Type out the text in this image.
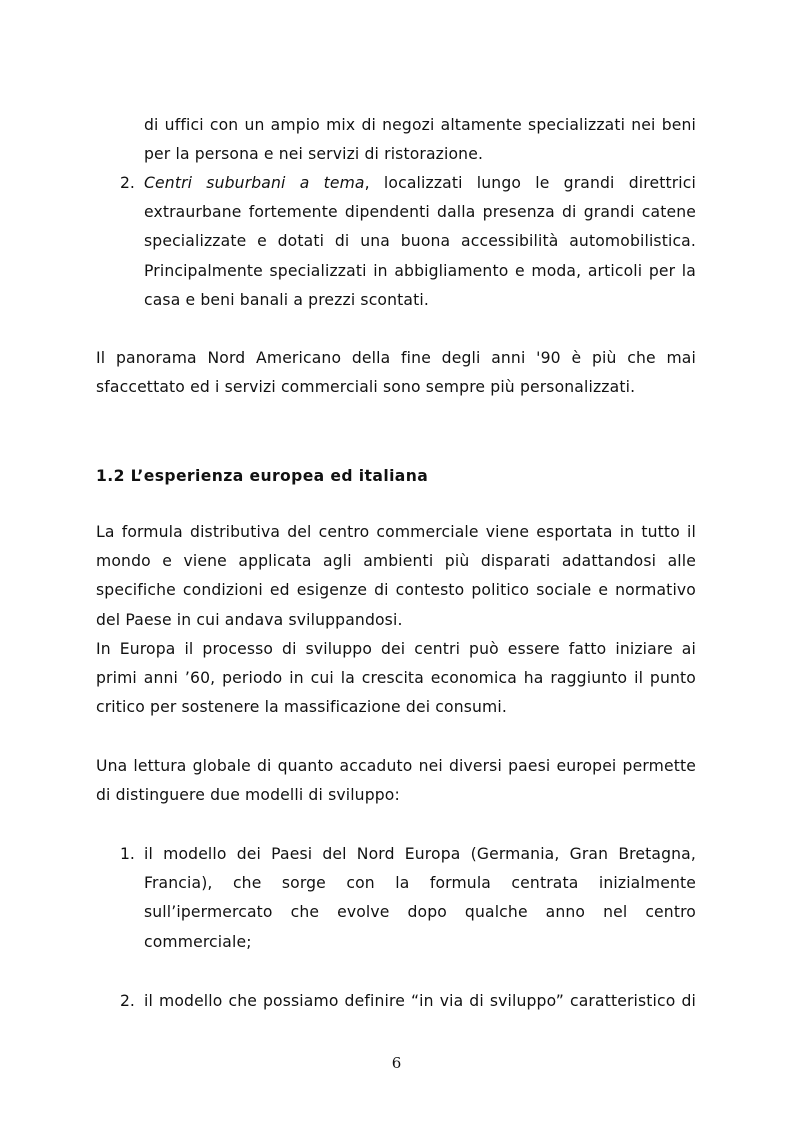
di uffici con un ampio mix di negozi altamente specializzati nei beni
per la persona e nei servizi di ristorazione.
2. Centri suburbani a tema, localizzati lungo le grandi direttrici
extraurbane fortemente dipendenti dalla presenza di grandi catene
specializzate e dotati di una buona accessibilità automobilistica.
Principalmente specializzati in abbigliamento e moda, articoli per la
casa e beni banali a prezzi scontati.
Il panorama Nord Americano della fine degli anni '90 è più che mai
sfaccettato ed i servizi commerciali sono sempre più personalizzati.
1.2 L’esperienza europea ed italiana
La formula distributiva del centro commerciale viene esportata in tutto il
mondo e viene applicata agli ambienti più disparati adattandosi alle
specifiche condizioni ed esigenze di contesto politico sociale e normativo
del Paese in cui andava sviluppandosi.
In Europa il processo di sviluppo dei centri può essere fatto iniziare ai
primi anni ’60, periodo in cui la crescita economica ha raggiunto il punto
critico per sostenere la massificazione dei consumi.
Una lettura globale di quanto accaduto nei diversi paesi europei permette
di distinguere due modelli di sviluppo:
1. il modello dei Paesi del Nord Europa (Germania, Gran Bretagna,
Francia), che sorge con la formula centrata inizialmente
sull’ipermercato che evolve dopo qualche anno nel centro
commerciale;
2. il modello che possiamo definire “in via di sviluppo” caratteristico di
6
